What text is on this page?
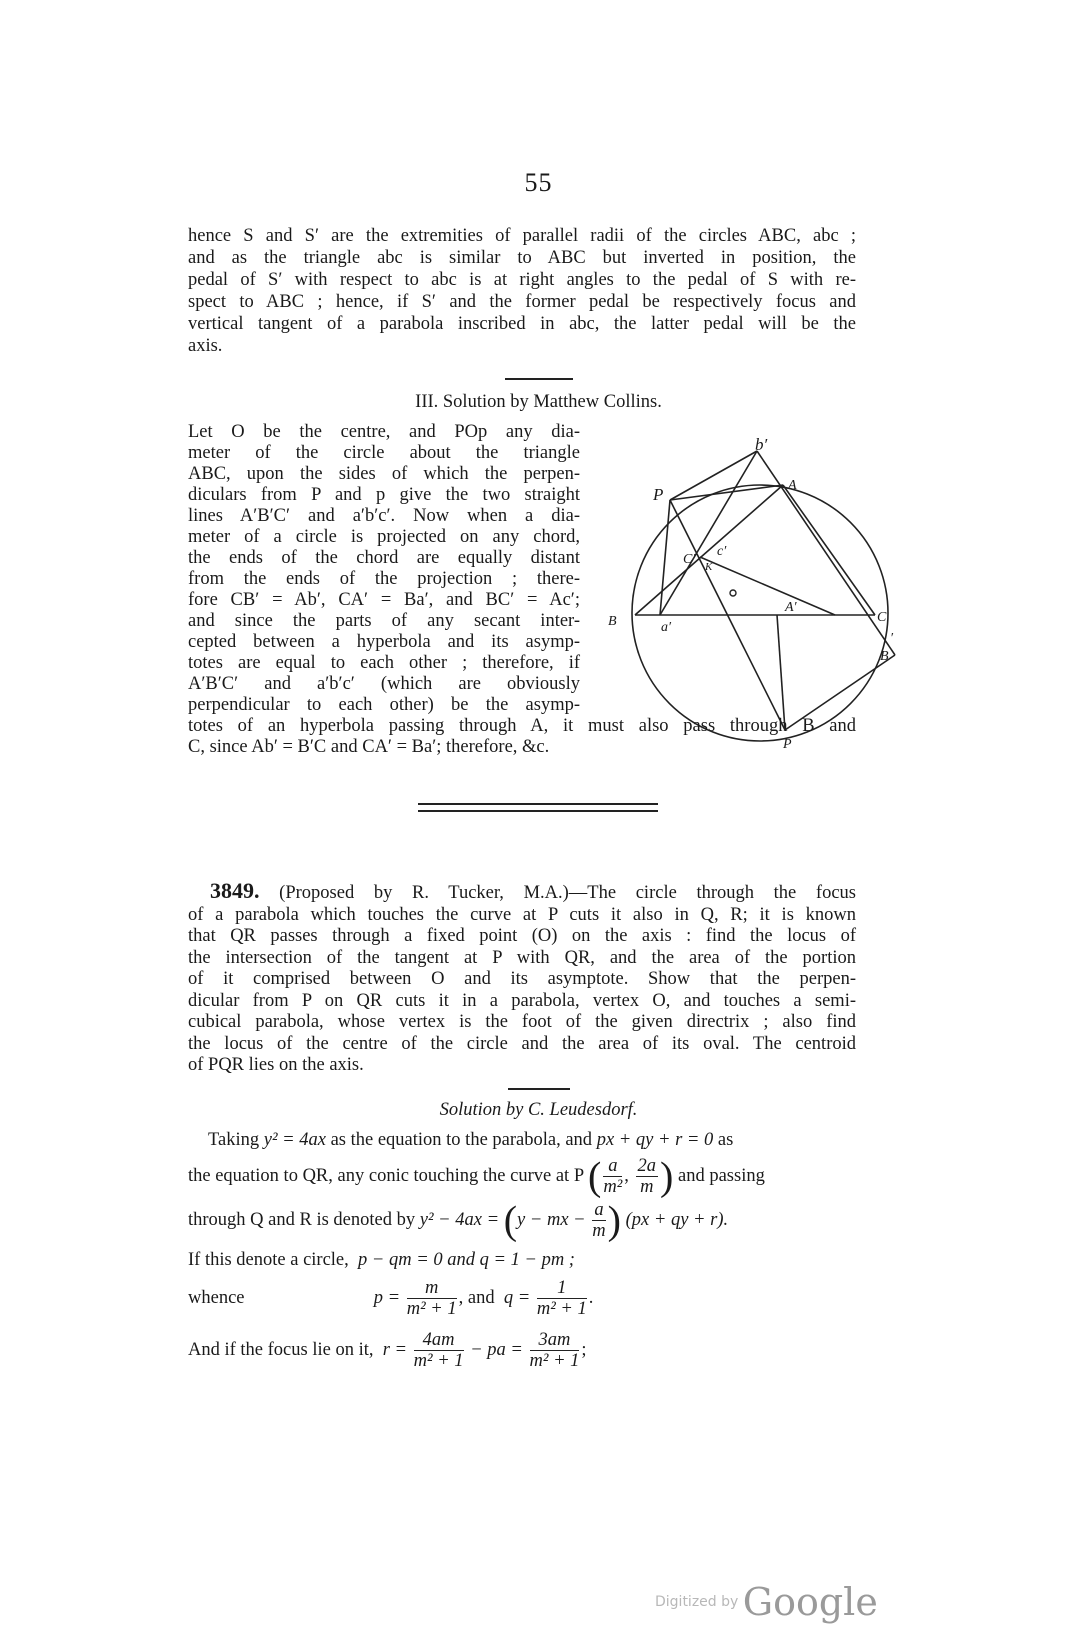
55
hence S and S′ are the extremities of parallel radii of the circles ABC, abc ;
and as the triangle abc is similar to ABC but inverted in position, the
pedal of S′ with respect to abc is at right angles to the pedal of S with re-
spect to ABC ; hence, if S′ and the former pedal be respectively focus and
vertical tangent of a parabola inscribed in abc, the latter pedal will be the
axis.
III. Solution by Matthew Collins.
Let O be the centre, and POp any dia-
meter of the circle about the triangle
ABC, upon the sides of which the perpen-
diculars from P and p give the two straight
lines A′B′C′ and a′b′c′. Now when a dia-
meter of a circle is projected on any chord,
the ends of the chord are equally distant
from the ends of the projection ; there-
fore CB′ = Ab′, CA′ = Ba′, and BC′ = Ac′;
and since the parts of any secant inter-
cepted between a hyperbola and its asymp-
totes are equal to each other ; therefore, if
A′B′C′ and a′b′c′ (which are obviously
perpendicular to each other) be the asymp-
b′
A
P
c′
C′ K
A′
C
B	a′
B
′
P
totes of an hyperbola passing through A, it must also pass through B and
C, since Ab′ = B′C and CA′ = Ba′; therefore, &c.
3849. (Proposed by R. Tucker, M.A.)—The circle through the focus
of a parabola which touches the curve at P cuts it also in Q, R; it is known
that QR passes through a fixed point (O) on the axis : find the locus of
the intersection of the tangent at P with QR, and the area of the portion
of it comprised between O and its asymptote. Show that the perpen-
dicular from P on QR cuts it in a parabola, vertex O, and touches a semi-
cubical parabola, whose vertex is the foot of the given directrix ; also find
the locus of the centre of the circle and the area of its oval. The centroid
of PQR lies on the axis.
Solution by C. Leudesdorf.
Taking y² = 4ax as the equation to the parabola, and px + qy + r = 0 as
the equation to QR, any conic touching the curve at P ( $\frac{a}{\text{m²}}$ , $\frac{2a}{m}$ ) and passing
through Q and R is denoted by y² − 4ax = (y − mx − $\frac{a}{m}$ ) (px + qy + r).
If this denote a circle, p − qm = 0 and q = 1 − pm ;
whence	$p = \frac{m}{\text{m² + 1}}$ , and $q = \frac{1}{\text{m² + 1}}$ .
And if the focus lie on it, $r = \frac{4am}{\text{m² + 1}}$ − pa = $\frac{3am}{\text{m² + 1}}$ ;
Digitized by Google
